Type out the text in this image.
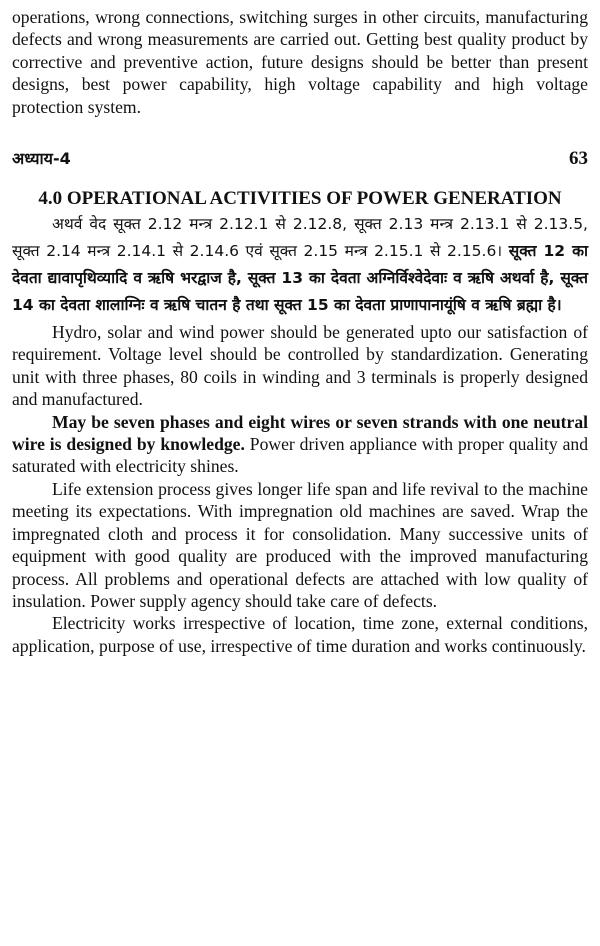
operations, wrong connections, switching surges in other circuits, manufacturing defects and wrong measurements are carried out. Getting best quality product by corrective and preventive action, future designs should be better than present designs, best power capability, high voltage capability and high voltage protection system.

अध्याय-4	63
4.0 OPERATIONAL ACTIVITIES OF POWER GENERATION

अथर्व वेद सूक्त 2.12 मन्त्र 2.12.1 से 2.12.8, सूक्त 2.13 मन्त्र 2.13.1 से 2.13.5, सूक्त 2.14 मन्त्र 2.14.1 से 2.14.6 एवं सूक्त 2.15 मन्त्र 2.15.1 से 2.15.6। सूक्त 12 का देवता द्यावापृथिव्यादि व ऋषि भरद्वाज है, सूक्त 13 का देवता अग्निर्विश्वेदेवाः व ऋषि अथर्वा है, सूक्त 14 का देवता शालाग्निः व ऋषि चातन है तथा सूक्त 15 का देवता प्राणापानायूंषि व ऋषि ब्रह्मा है।

Hydro, solar and wind power should be generated upto our satisfaction of requirement. Voltage level should be controlled by standardization. Generating unit with three phases, 80 coils in winding and 3 terminals is properly designed and manufactured.

May be seven phases and eight wires or seven strands with one neutral wire is designed by knowledge. Power driven appliance with proper quality and saturated with electricity shines.

Life extension process gives longer life span and life revival to the machine meeting its expectations. With impregnation old machines are saved. Wrap the impregnated cloth and process it for consolidation. Many successive units of equipment with good quality are produced with the improved manufacturing process. All problems and operational defects are attached with low quality of insulation. Power supply agency should take care of defects.

Electricity works irrespective of location, time zone, external conditions, application, purpose of use, irrespective of time duration and works continuously.
